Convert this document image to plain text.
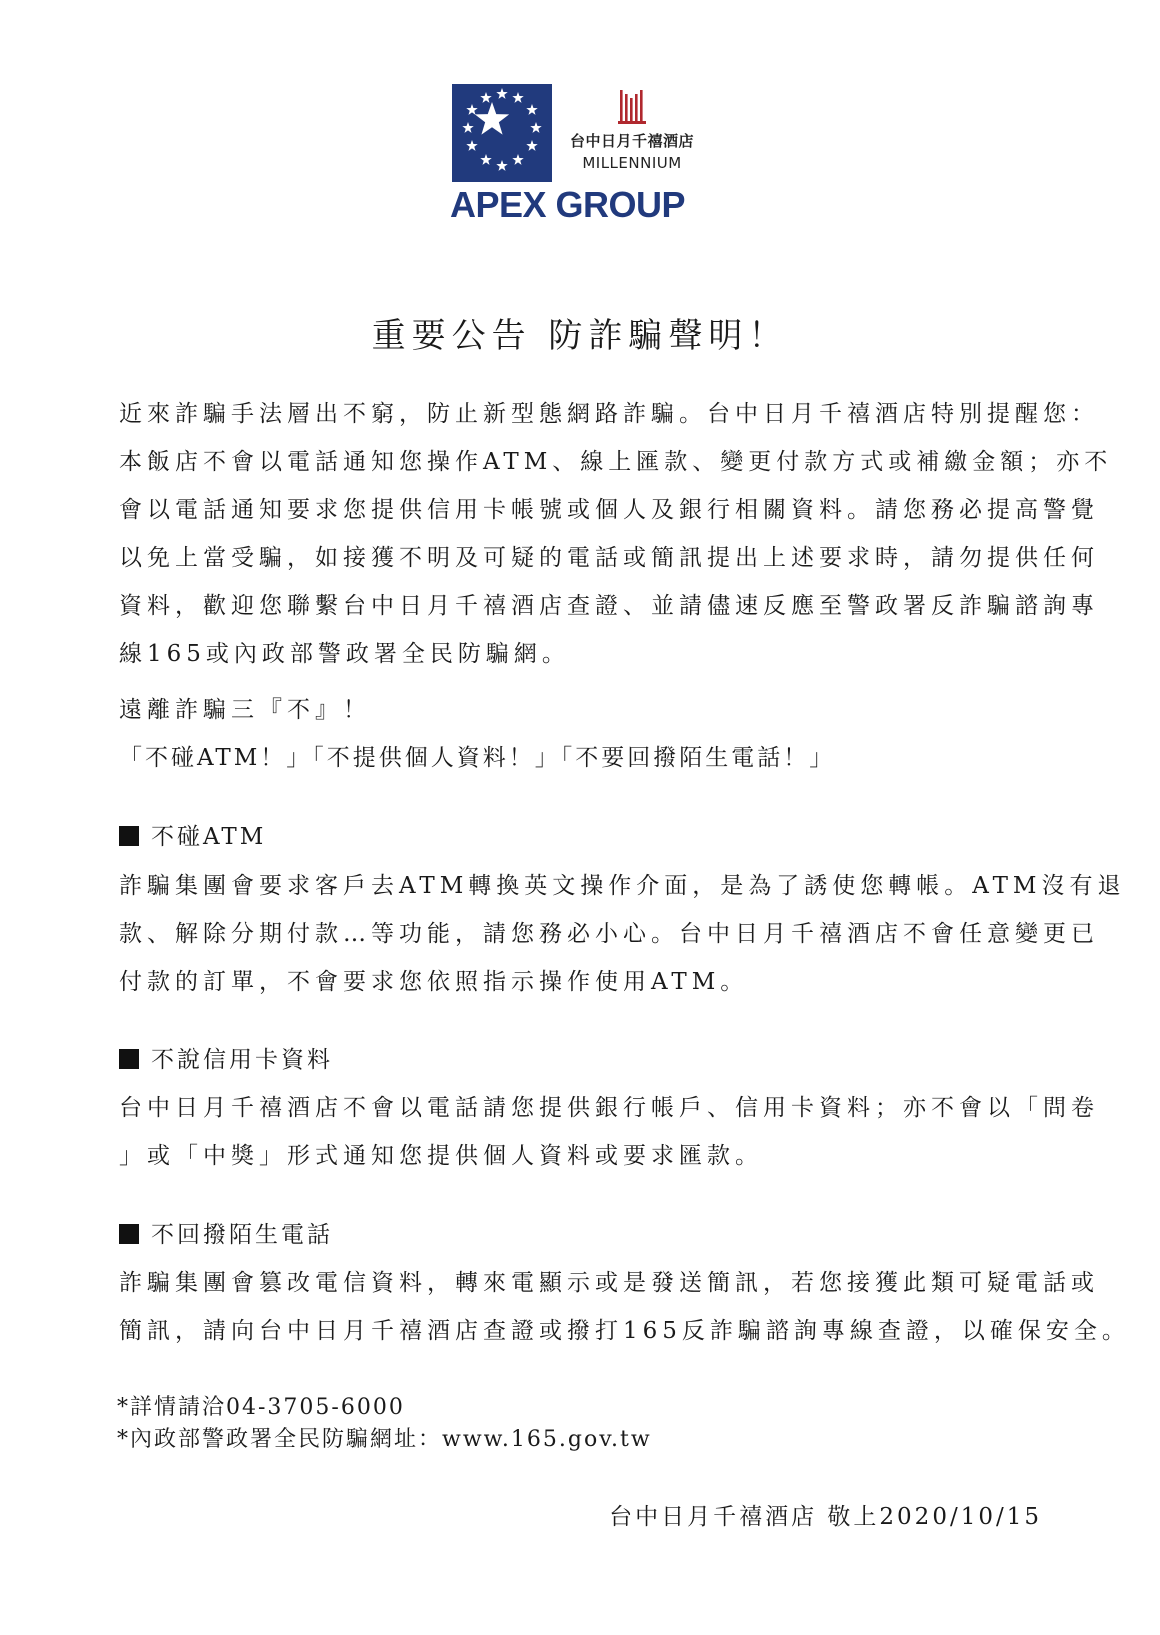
台中日月千禧酒店
MILLENNIUM
APEX GROUP
重要公告 防詐騙聲明！

近來詐騙手法層出不窮，防止新型態網路詐騙。台中日月千禧酒店特別提醒您：
本飯店不會以電話通知您操作ATM、線上匯款、變更付款方式或補繳金額；亦不
會以電話通知要求您提供信用卡帳號或個人及銀行相關資料。請您務必提高警覺
以免上當受騙，如接獲不明及可疑的電話或簡訊提出上述要求時，請勿提供任何
資料，歡迎您聯繫台中日月千禧酒店查證、並請儘速反應至警政署反詐騙諮詢專
線165或內政部警政署全民防騙網。

遠離詐騙三『不』！
「不碰ATM！」「不提供個人資料！」「不要回撥陌生電話！」

不碰ATM

詐騙集團會要求客戶去ATM轉換英文操作介面，是為了誘使您轉帳。ATM沒有退
款、解除分期付款…等功能，請您務必小心。台中日月千禧酒店不會任意變更已
付款的訂單，不會要求您依照指示操作使用ATM。

不說信用卡資料

台中日月千禧酒店不會以電話請您提供銀行帳戶、信用卡資料；亦不會以「問卷
」或「中獎」形式通知您提供個人資料或要求匯款。

不回撥陌生電話

詐騙集團會篡改電信資料，轉來電顯示或是發送簡訊，若您接獲此類可疑電話或
簡訊，請向台中日月千禧酒店查證或撥打165反詐騙諮詢專線查證，以確保安全。

*詳情請洽04-3705-6000
*內政部警政署全民防騙網址：www.165.gov.tw
台中日月千禧酒店 敬上2020/10/15
